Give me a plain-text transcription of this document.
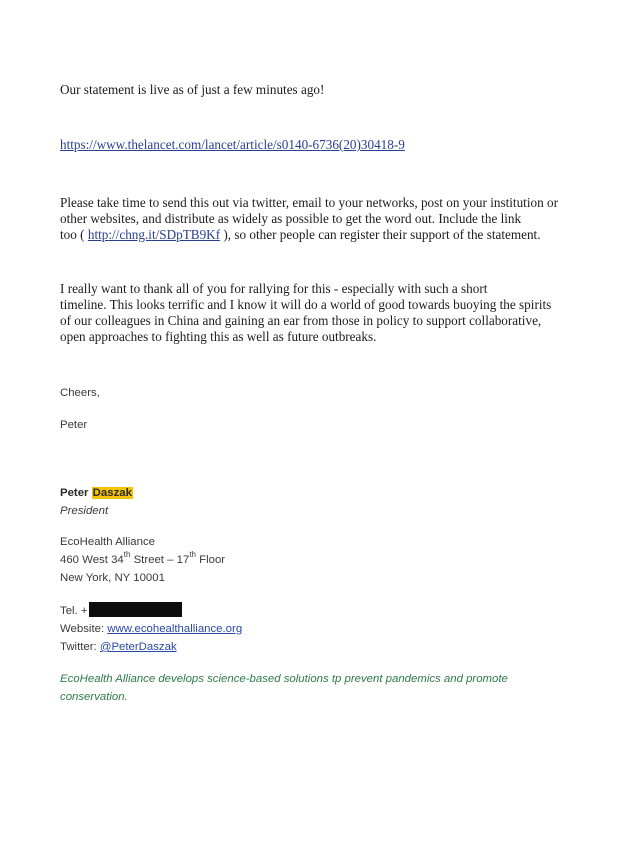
Our statement is live as of just a few minutes ago!
https://www.thelancet.com/lancet/article/s0140-6736(20)30418-9
Please take time to send this out via twitter, email to your networks, post on your institution or
other websites, and distribute as widely as possible to get the word out. Include the link
too ( http://chng.it/SDpTB9Kf ), so other people can register their support of the statement.
I really want to thank all of you for rallying for this - especially with such a short
timeline. This looks terrific and I know it will do a world of good towards buoying the spirits
of our colleagues in China and gaining an ear from those in policy to support collaborative,
open approaches to fighting this as well as future outbreaks.
Cheers,
Peter
Peter Daszak
President
EcoHealth Alliance
460 West 34th Street – 17th Floor
New York, NY 10001
Tel. +
Website: www.ecohealthalliance.org
Twitter: @PeterDaszak
EcoHealth Alliance develops science-based solutions tp prevent pandemics and promote
conservation.
